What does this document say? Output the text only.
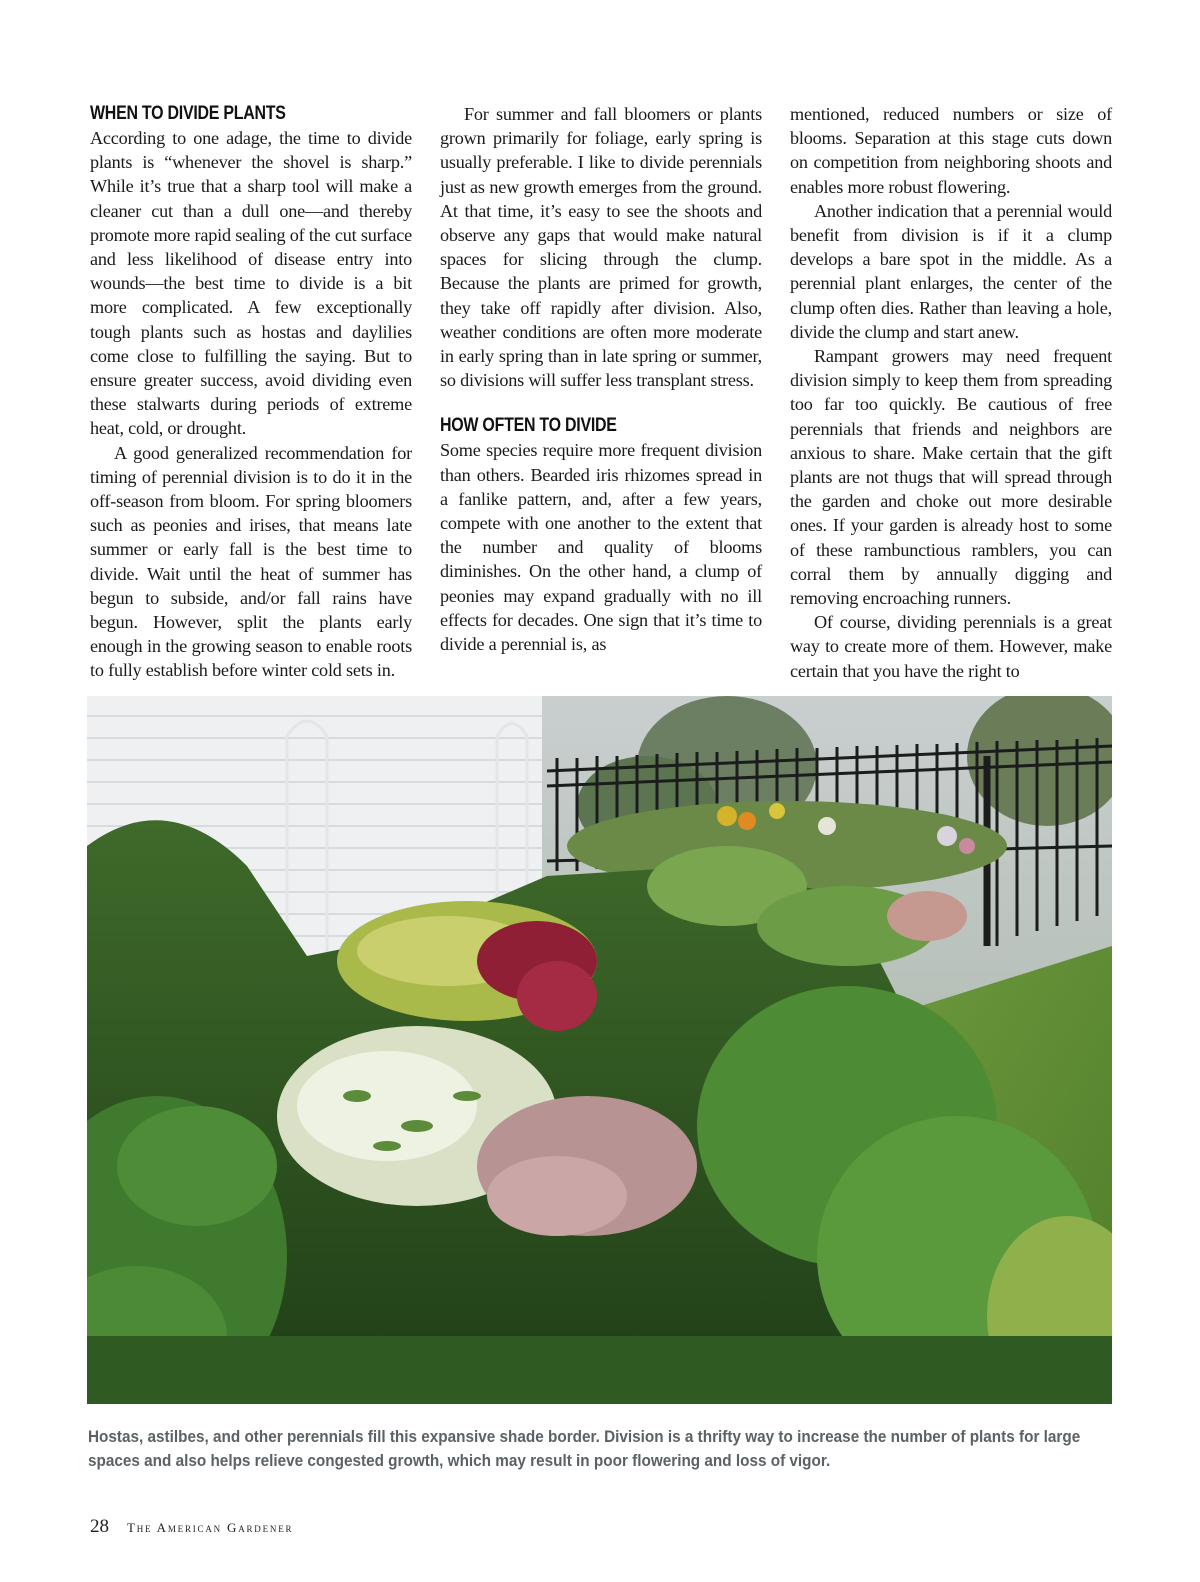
WHEN TO DIVIDE PLANTS

According to one adage, the time to divide plants is “whenever the shovel is sharp.” While it’s true that a sharp tool will make a cleaner cut than a dull one—and thereby promote more rapid sealing of the cut surface and less likelihood of disease entry into wounds—the best time to divide is a bit more complicated. A few exceptionally tough plants such as hostas and daylilies come close to fulfilling the saying. But to ensure greater success, avoid dividing even these stalwarts during periods of extreme heat, cold, or drought.

A good generalized recommendation for timing of perennial division is to do it in the off-season from bloom. For spring bloomers such as peonies and irises, that means late summer or early fall is the best time to divide. Wait until the heat of summer has begun to subside, and/or fall rains have begun. However, split the plants early enough in the growing season to enable roots to fully establish before winter cold sets in.

For summer and fall bloomers or plants grown primarily for foliage, early spring is usually preferable. I like to divide perennials just as new growth emerges from the ground. At that time, it’s easy to see the shoots and observe any gaps that would make natural spaces for slicing through the clump. Because the plants are primed for growth, they take off rapidly after division. Also, weather conditions are often more moderate in early spring than in late spring or summer, so divisions will suffer less transplant stress.

HOW OFTEN TO DIVIDE

Some species require more frequent division than others. Bearded iris rhizomes spread in a fanlike pattern, and, after a few years, compete with one another to the extent that the number and quality of blooms diminishes. On the other hand, a clump of peonies may expand gradually with no ill effects for decades. One sign that it’s time to divide a perennial is, as

mentioned, reduced numbers or size of blooms. Separation at this stage cuts down on competition from neighboring shoots and enables more robust flowering.

Another indication that a perennial would benefit from division is if it a clump develops a bare spot in the middle. As a perennial plant enlarges, the center of the clump often dies. Rather than leaving a hole, divide the clump and start anew.

Rampant growers may need frequent division simply to keep them from spreading too far too quickly. Be cautious of free perennials that friends and neighbors are anxious to share. Make certain that the gift plants are not thugs that will spread through the garden and choke out more desirable ones. If your garden is already host to some of these rambunctious ramblers, you can corral them by annually digging and removing encroaching runners.

Of course, dividing perennials is a great way to create more of them. However, make certain that you have the right to

Hostas, astilbes, and other perennials fill this expansive shade border. Division is a thrifty way to increase the number of plants for large spaces and also helps relieve congested growth, which may result in poor flowering and loss of vigor.

28 The American Gardener
